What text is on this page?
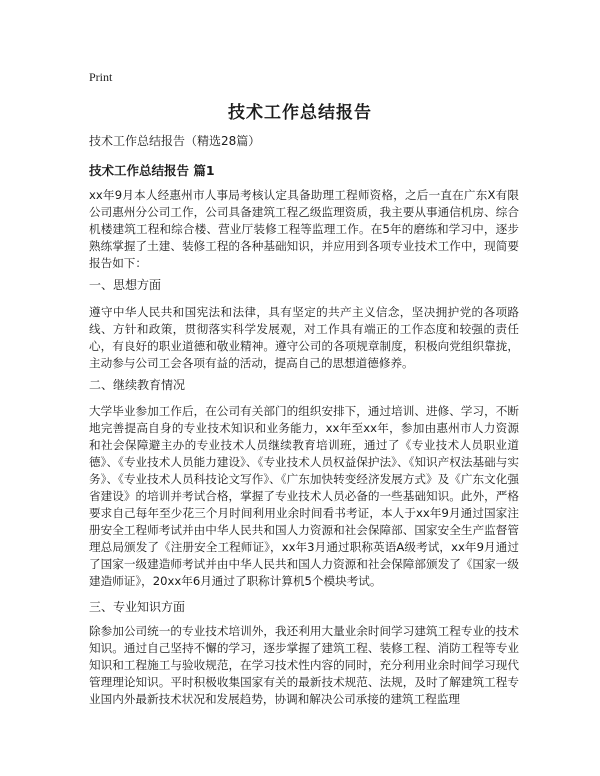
Print
技术工作总结报告
技术工作总结报告（精选28篇）
技术工作总结报告 篇1

xx年9月本人经惠州市人事局考核认定具备助理工程师资格，之后一直在广东X有限公司惠州分公司工作，公司具备建筑工程乙级监理资质，我主要从事通信机房、综合机楼建筑工程和综合楼、营业厅装修工程等监理工作。在5年的磨练和学习中，逐步熟练掌握了土建、装修工程的各种基础知识，并应用到各项专业技术工作中，现简要报告如下：

一、思想方面

遵守中华人民共和国宪法和法律，具有坚定的共产主义信念，坚决拥护党的各项路线、方针和政策，贯彻落实科学发展观，对工作具有端正的工作态度和较强的责任心，有良好的职业道德和敬业精神。遵守公司的各项规章制度，积极向党组织靠拢，主动参与公司工会各项有益的活动，提高自己的思想道德修养。

二、继续教育情况

大学毕业参加工作后，在公司有关部门的组织安排下，通过培训、进修、学习，不断地完善提高自身的专业技术知识和业务能力，xx年至xx年，参加由惠州市人力资源和社会保障避主办的专业技术人员继续教育培训班，通过了《专业技术人员职业道德》、《专业技术人员能力建设》、《专业技术人员权益保护法》、《知识产权法基础与实务》、《专业技术人员科技论文写作》、《广东加快转变经济发展方式》及《广东文化强省建设》的培训并考试合格，掌握了专业技术人员必备的一些基础知识。此外，严格要求自己每年至少花三个月时间利用业余时间看书考证，本人于xx年9月通过国家注册安全工程师考试并由中华人民共和国人力资源和社会保障部、国家安全生产监督管理总局颁发了《注册安全工程师证》，xx年3月通过职称英语A级考试，xx年9月通过了国家一级建造师考试并由中华人民共和国人力资源和社会保障部颁发了《国家一级建造师证》，20xx年6月通过了职称计算机5个模块考试。

三、专业知识方面

除参加公司统一的专业技术培训外，我还利用大量业余时间学习建筑工程专业的技术知识。通过自己坚持不懈的学习，逐步掌握了建筑工程、装修工程、消防工程等专业知识和工程施工与验收规范，在学习技术性内容的同时，充分利用业余时间学习现代管理理论知识。平时积极收集国家有关的最新技术规范、法规，及时了解建筑工程专业国内外最新技术状况和发展趋势，协调和解决公司承接的建筑工程监理
